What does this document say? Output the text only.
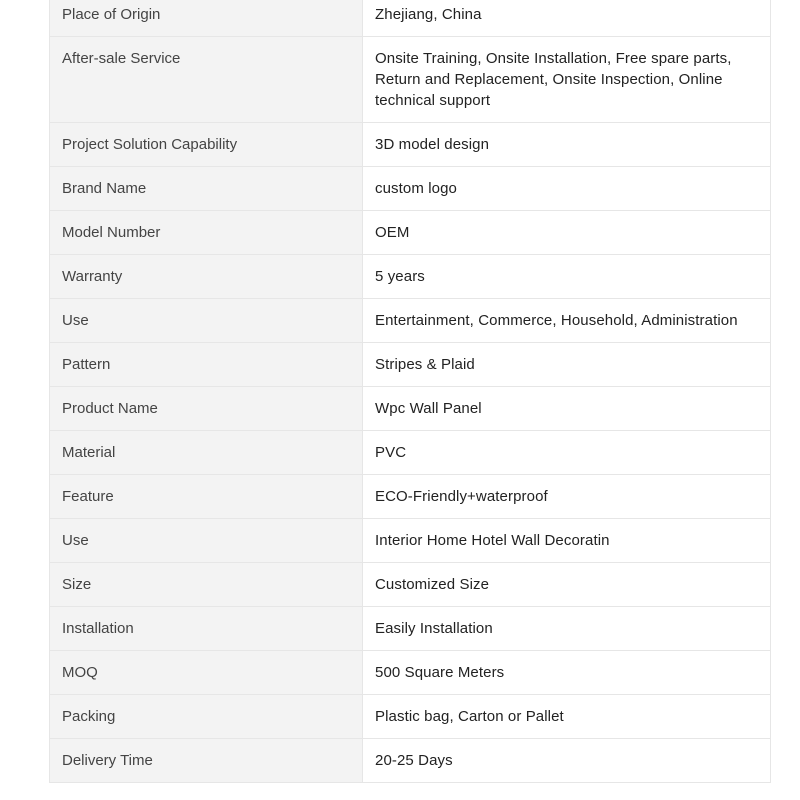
Place of Origin	Zhejiang, China
After-sale Service	Onsite Training, Onsite Installation, Free spare parts, Return and Replacement, Onsite Inspection, Online technical support
Project Solution Capability	3D model design
Brand Name	custom logo
Model Number	OEM
Warranty	5 years
Use	Entertainment, Commerce, Household, Administration
Pattern	Stripes & Plaid
Product Name	Wpc Wall Panel
Material	PVC
Feature	ECO-Friendly+waterproof
Use	Interior Home Hotel Wall Decoratin
Size	Customized Size
Installation	Easily Installation
MOQ	500 Square Meters
Packing	Plastic bag, Carton or Pallet
Delivery Time	20-25 Days
